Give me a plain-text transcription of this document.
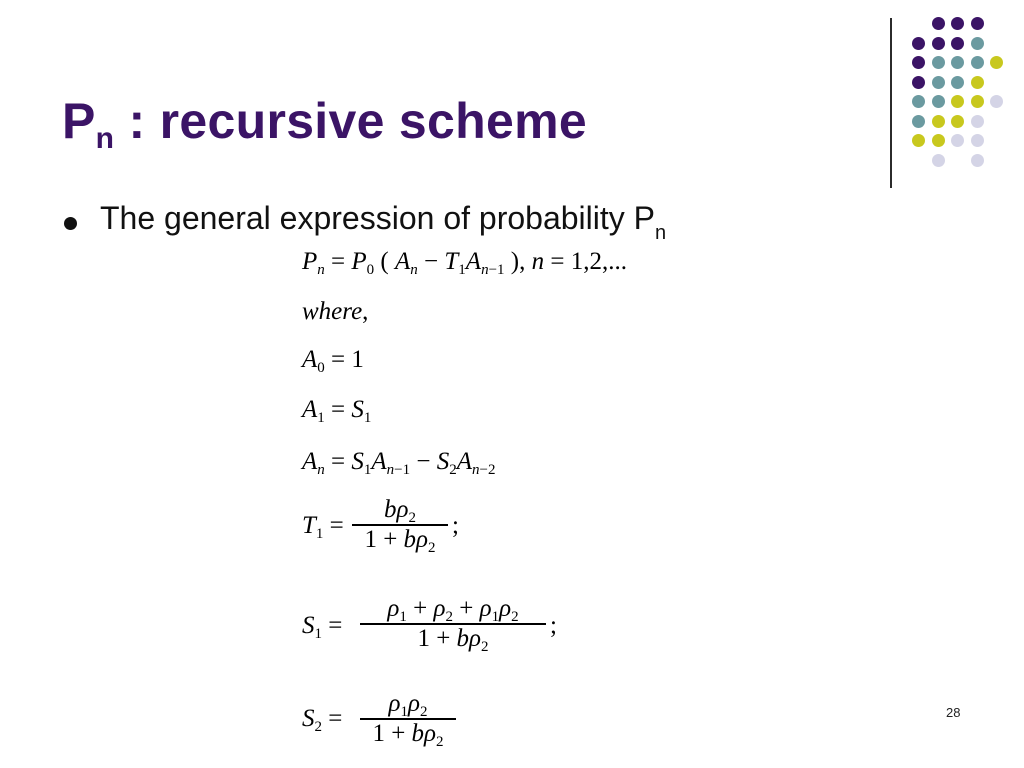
$P_n$ : recursive scheme
The general expression of probability $P_n$
$P_n = P_0$ ( $A_n - T_1A_{n-1}$ ), n = 1,2,...
where,
$A_0 = 1$
$A_1 = S_1$
$A_n = S_1A_{n-1} - S_2A_{n-2}$
$T_1$ =
$b\rho_2$
$1 + b\rho_2$
;
$S_1$ =
$\rho_1 + \rho_2 + \rho_1\rho_2$
$1 + b\rho_2$
;
$S_2$ =
$\rho_1\rho_2$
$1 + b\rho_2$
28
